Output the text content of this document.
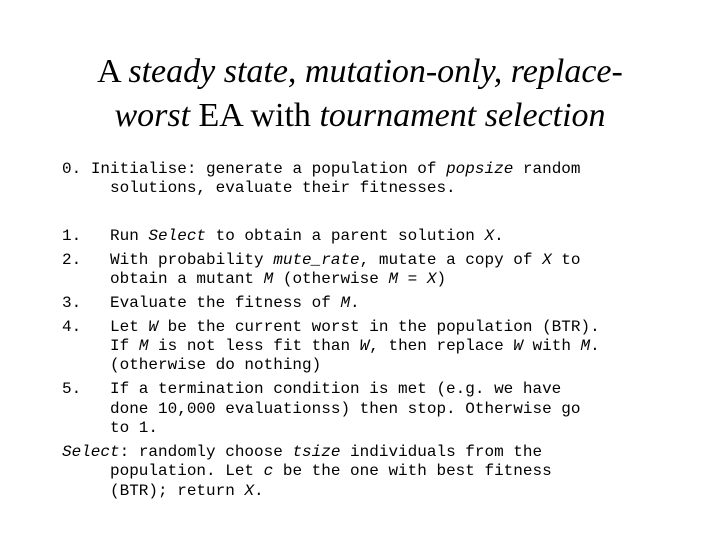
A steady state, mutation-only, replace-
worst EA with tournament selection
0. Initialise: generate a population of popsize random
solutions, evaluate their fitnesses.
1. Run Select to obtain a parent solution X.
2. With probability mute_rate, mutate a copy of X to
obtain a mutant M (otherwise M = X)
3. Evaluate the fitness of M.
4. Let W be the current worst in the population (BTR).
If M is not less fit than W, then replace W with M.
(otherwise do nothing)
5. If a termination condition is met (e.g. we have
done 10,000 evaluationss) then stop. Otherwise go
to 1.
Select: randomly choose tsize individuals from the
population. Let c be the one with best fitness
(BTR); return X.
